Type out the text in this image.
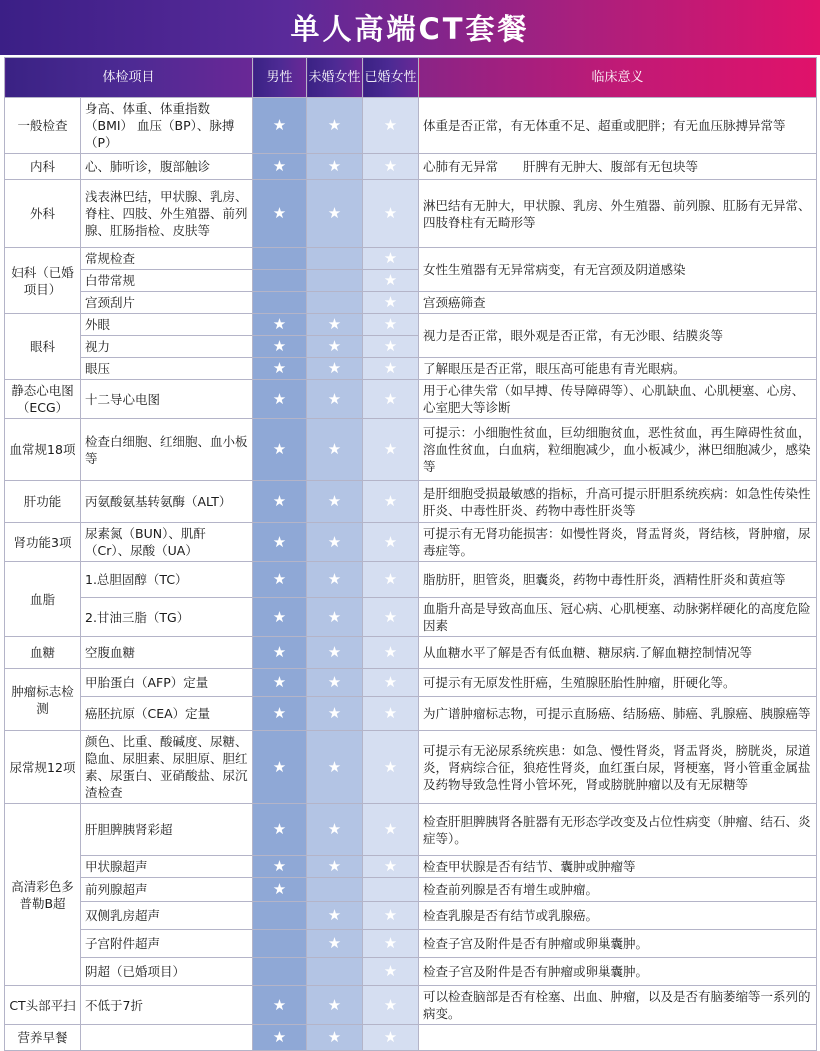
单人高端CT套餐
体检项目		男性	未婚女性	已婚女性	临床意义
一般检查	身高、体重、体重指数（BMI） 血压（BP）、脉搏（P）	★	★	★	体重是否正常，有无体重不足、超重或肥胖；有无血压脉搏异常等
内科	心、肺听诊，腹部触诊	★	★	★	心肺有无异常　　肝脾有无肿大、腹部有无包块等
外科	浅表淋巴结，甲状腺、乳房、脊柱、四肢、外生殖器、前列腺、肛肠指检、皮肤等	★	★	★	淋巴结有无肿大，甲状腺、乳房、外生殖器、前列腺、肛肠有无异常、四肢脊柱有无畸形等
妇科（已婚项目）	常规检查			★	女性生殖器有无异常病变，有无宫颈及阴道感染
	白带常规			★	
	宫颈刮片			★	宫颈癌筛查
眼科	外眼	★	★	★	视力是否正常，眼外观是否正常，有无沙眼、结膜炎等
	视力	★	★	★	
	眼压	★	★	★	了解眼压是否正常，眼压高可能患有青光眼病。
静态心电图（ECG）	十二导心电图	★	★	★	用于心律失常（如早搏、传导障碍等）、心肌缺血、心肌梗塞、心房、心室肥大等诊断
血常规18项	检查白细胞、红细胞、血小板等	★	★	★	可提示：小细胞性贫血，巨幼细胞贫血，恶性贫血，再生障碍性贫血，溶血性贫血，白血病，粒细胞减少，血小板减少，淋巴细胞减少，感染等
肝功能	丙氨酸氨基转氨酶（ALT）	★	★	★	是肝细胞受损最敏感的指标，升高可提示肝胆系统疾病：如急性传染性肝炎、中毒性肝炎、药物中毒性肝炎等
肾功能3项	尿素氮（BUN）、肌酐（Cr）、尿酸（UA）	★	★	★	可提示有无肾功能损害：如慢性肾炎，肾盂肾炎，肾结核，肾肿瘤，尿毒症等。
血脂	1.总胆固醇（TC）	★	★	★	脂肪肝，胆管炎，胆囊炎，药物中毒性肝炎，酒精性肝炎和黄疸等
	2.甘油三脂（TG）	★	★	★	血脂升高是导致高血压、冠心病、心肌梗塞、动脉粥样硬化的高度危险因素
血糖	空腹血糖	★	★	★	从血糖水平了解是否有低血糖、糖尿病.了解血糖控制情况等
肿瘤标志检测	甲胎蛋白（AFP）定量	★	★	★	可提示有无原发性肝癌，生殖腺胚胎性肿瘤，肝硬化等。
	癌胚抗原（CEA）定量	★	★	★	为广谱肿瘤标志物，可提示直肠癌、结肠癌、肺癌、乳腺癌、胰腺癌等
尿常规12项	颜色、比重、酸碱度、尿糖、隐血、尿胆素、尿胆原、胆红素、尿蛋白、亚硝酸盐、尿沉渣检查	★	★	★	可提示有无泌尿系统疾患：如急、慢性肾炎，肾盂肾炎，膀胱炎，尿道炎，肾病综合征，狼疮性肾炎，血红蛋白尿，肾梗塞，肾小管重金属盐及药物导致急性肾小管坏死，肾或膀胱肿瘤以及有无尿糖等
高清彩色多普勒B超	肝胆脾胰肾彩超	★	★	★	检查肝胆脾胰肾各脏器有无形态学改变及占位性病变（肿瘤、结石、炎症等）。
	甲状腺超声	★	★	★	检查甲状腺是否有结节、囊肿或肿瘤等
	前列腺超声	★			检查前列腺是否有增生或肿瘤。
	双侧乳房超声		★	★	检查乳腺是否有结节或乳腺癌。
	子宫附件超声		★	★	检查子宫及附件是否有肿瘤或卵巢囊肿。
	阴超（已婚项目）			★	检查子宫及附件是否有肿瘤或卵巢囊肿。
CT头部平扫	不低于7折	★	★	★	可以检查脑部是否有栓塞、出血、肿瘤，以及是否有脑萎缩等一系列的病变。
营养早餐		★	★	★	
